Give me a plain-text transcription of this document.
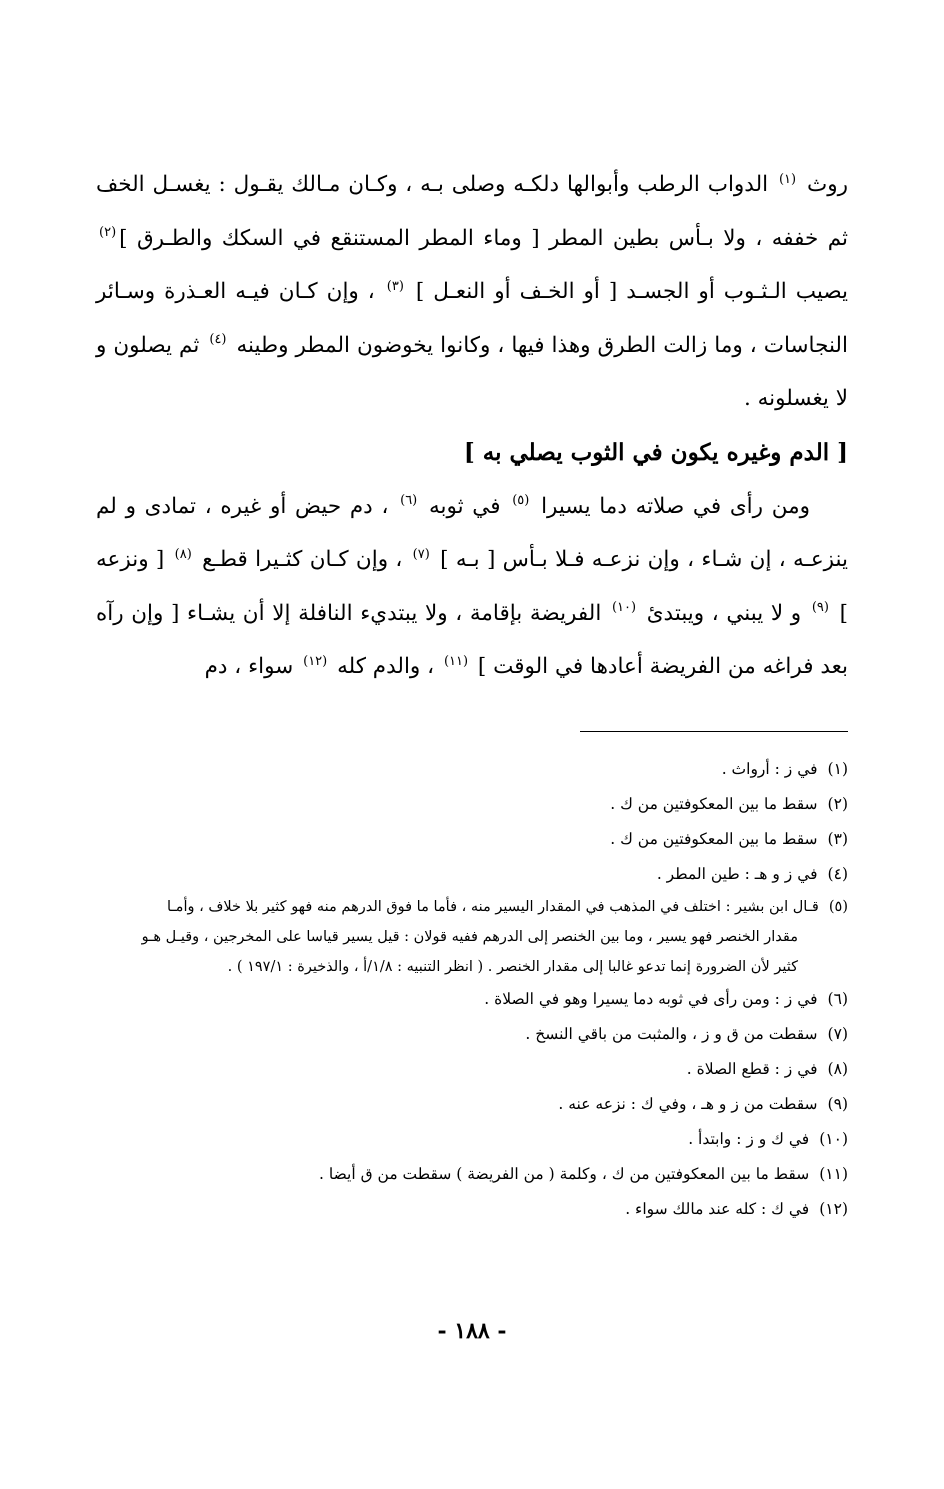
روث $^{(١)}$ الدواب الرطب وأبوالها دلكـه وصلى بـه ، وكـان مـالك يقـول : يغسـل الخف ثم خففه ، ولا بـأس بطين المطر [ وماء المطر المستنقع في السكك والطـرق ]$^{(٢)}$ يصيب الـثـوب أو الجسـد [ أو الخـف أو النعـل ] $^{(٣)}$ ، وإن كـان فيـه العـذرة وسـائر النجاسات ، وما زالت الطرق وهذا فيها ، وكانوا يخوضون المطر وطينه $^{(٤)}$ ثم يصلون و لا يغسلونه .

[ الدم وغيره يكون في الثوب يصلي به ]

ومن رأى في صلاته دما يسيرا $^{(٥)}$ في ثوبه $^{(٦)}$ ، دم حيض أو غيره ، تمادى و لم ينزعـه ، إن شـاء ، وإن نزعـه فـلا بـأس [ بـه ] $^{(٧)}$ ، وإن كـان كثـيرا قطـع $^{(٨)}$ [ ونزعه ] $^{(٩)}$ و لا يبني ، ويبتدئ $^{(١٠)}$ الفريضة بإقامة ، ولا يبتديء النافلة إلا أن يشـاء [ وإن رآه بعد فراغه من الفريضة أعادها في الوقت ] $^{(١١)}$ ، والدم كله $^{(١٢)}$ سواء ، دم

(١)في ز : أرواث .
(٢)سقط ما بين المعكوفتين من ك .
(٣)سقط ما بين المعكوفتين من ك .
(٤)في ز و هـ : طين المطر .
(٥)قـال ابن بشير : اختلف في المذهب في المقدار اليسير منه ، فأما ما فوق الدرهم منه فهو كثير بلا خلاف ، وأمـا
مقدار الخنصر فهو يسير ، وما بين الخنصر إلى الدرهم ففيه قولان : قيل يسير قياسا على المخرجين ، وقيـل هـو
كثير لأن الضرورة إنما تدعو غالبا إلى مقدار الخنصر . ( انظر التنبيه : ١/٨/أ ، والذخيرة : ١٩٧/١ ) .
(٦)في ز : ومن رأى في ثوبه دما يسيرا وهو في الصلاة .
(٧)سقطت من ق و ز ، والمثبت من باقي النسخ .
(٨)في ز : قطع الصلاة .
(٩)سقطت من ز و هـ ، وفي ك : نزعه عنه .
(١٠)في ك و ز : وابتدأ .
(١١)سقط ما بين المعكوفتين من ك ، وكلمة ( من الفريضة ) سقطت من ق أيضا .
(١٢)في ك : كله عند مالك سواء .
- ١٨٨ -
